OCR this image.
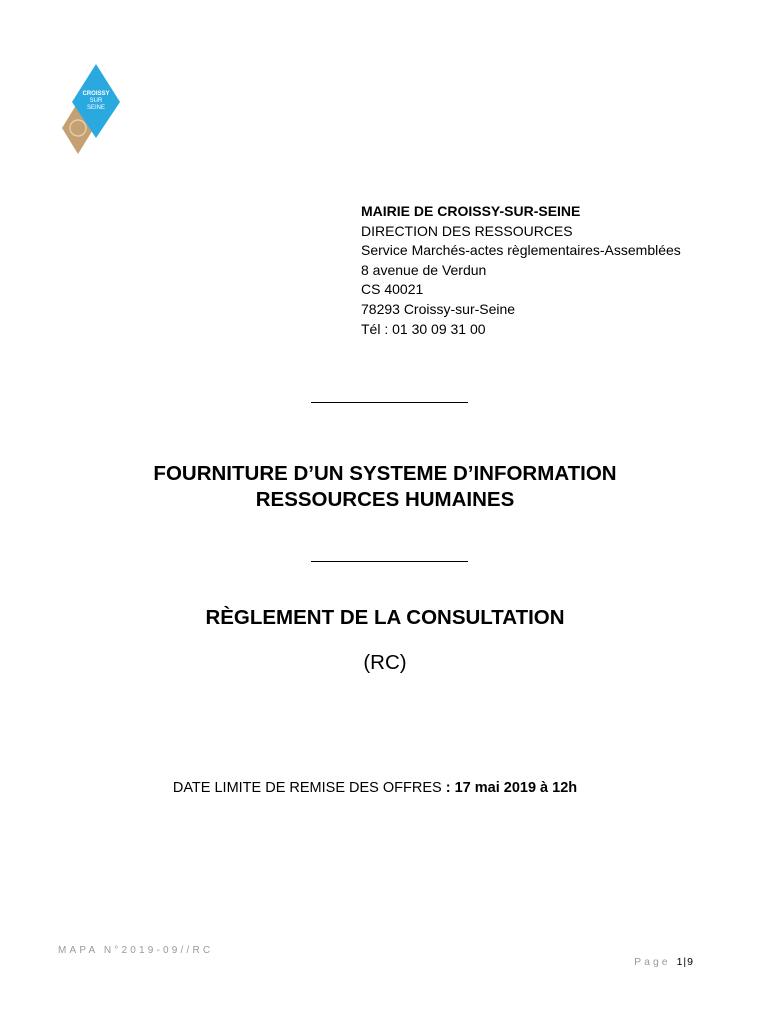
CROISSY
SUR
SEINE
MAIRIE DE CROISSY-SUR-SEINE
DIRECTION DES RESSOURCES
Service Marchés-actes règlementaires-Assemblées
8 avenue de Verdun
CS 40021
78293 Croissy-sur-Seine
Tél : 01 30 09 31 00
FOURNITURE D’UN SYSTEME D’INFORMATION
RESSOURCES HUMAINES
RÈGLEMENT DE LA CONSULTATION
(RC)
DATE LIMITE DE REMISE DES OFFRES : 17 mai 2019 à 12h
MAPA N°2019-09//RC
Page 1|9
